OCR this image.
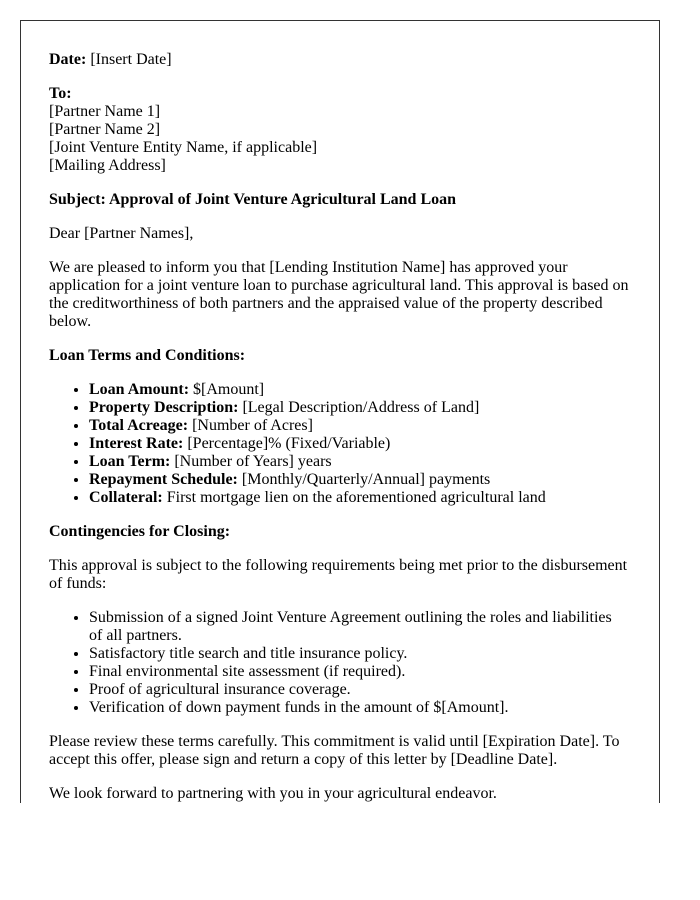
Date: [Insert Date]

To:
[Partner Name 1]
[Partner Name 2]
[Joint Venture Entity Name, if applicable]
[Mailing Address]

Subject: Approval of Joint Venture Agricultural Land Loan

Dear [Partner Names],

We are pleased to inform you that [Lending Institution Name] has approved your application for a joint venture loan to purchase agricultural land. This approval is based on the creditworthiness of both partners and the appraised value of the property described below.

Loan Terms and Conditions:

• Loan Amount: $[Amount]
• Property Description: [Legal Description/Address of Land]
• Total Acreage: [Number of Acres]
• Interest Rate: [Percentage]% (Fixed/Variable)
• Loan Term: [Number of Years] years
• Repayment Schedule: [Monthly/Quarterly/Annual] payments
• Collateral: First mortgage lien on the aforementioned agricultural land

Contingencies for Closing:

This approval is subject to the following requirements being met prior to the disbursement of funds:

• Submission of a signed Joint Venture Agreement outlining the roles and liabilities of all partners.
• Satisfactory title search and title insurance policy.
• Final environmental site assessment (if required).
• Proof of agricultural insurance coverage.
• Verification of down payment funds in the amount of $[Amount].

Please review these terms carefully. This commitment is valid until [Expiration Date]. To accept this offer, please sign and return a copy of this letter by [Deadline Date].

We look forward to partnering with you in your agricultural endeavor.
